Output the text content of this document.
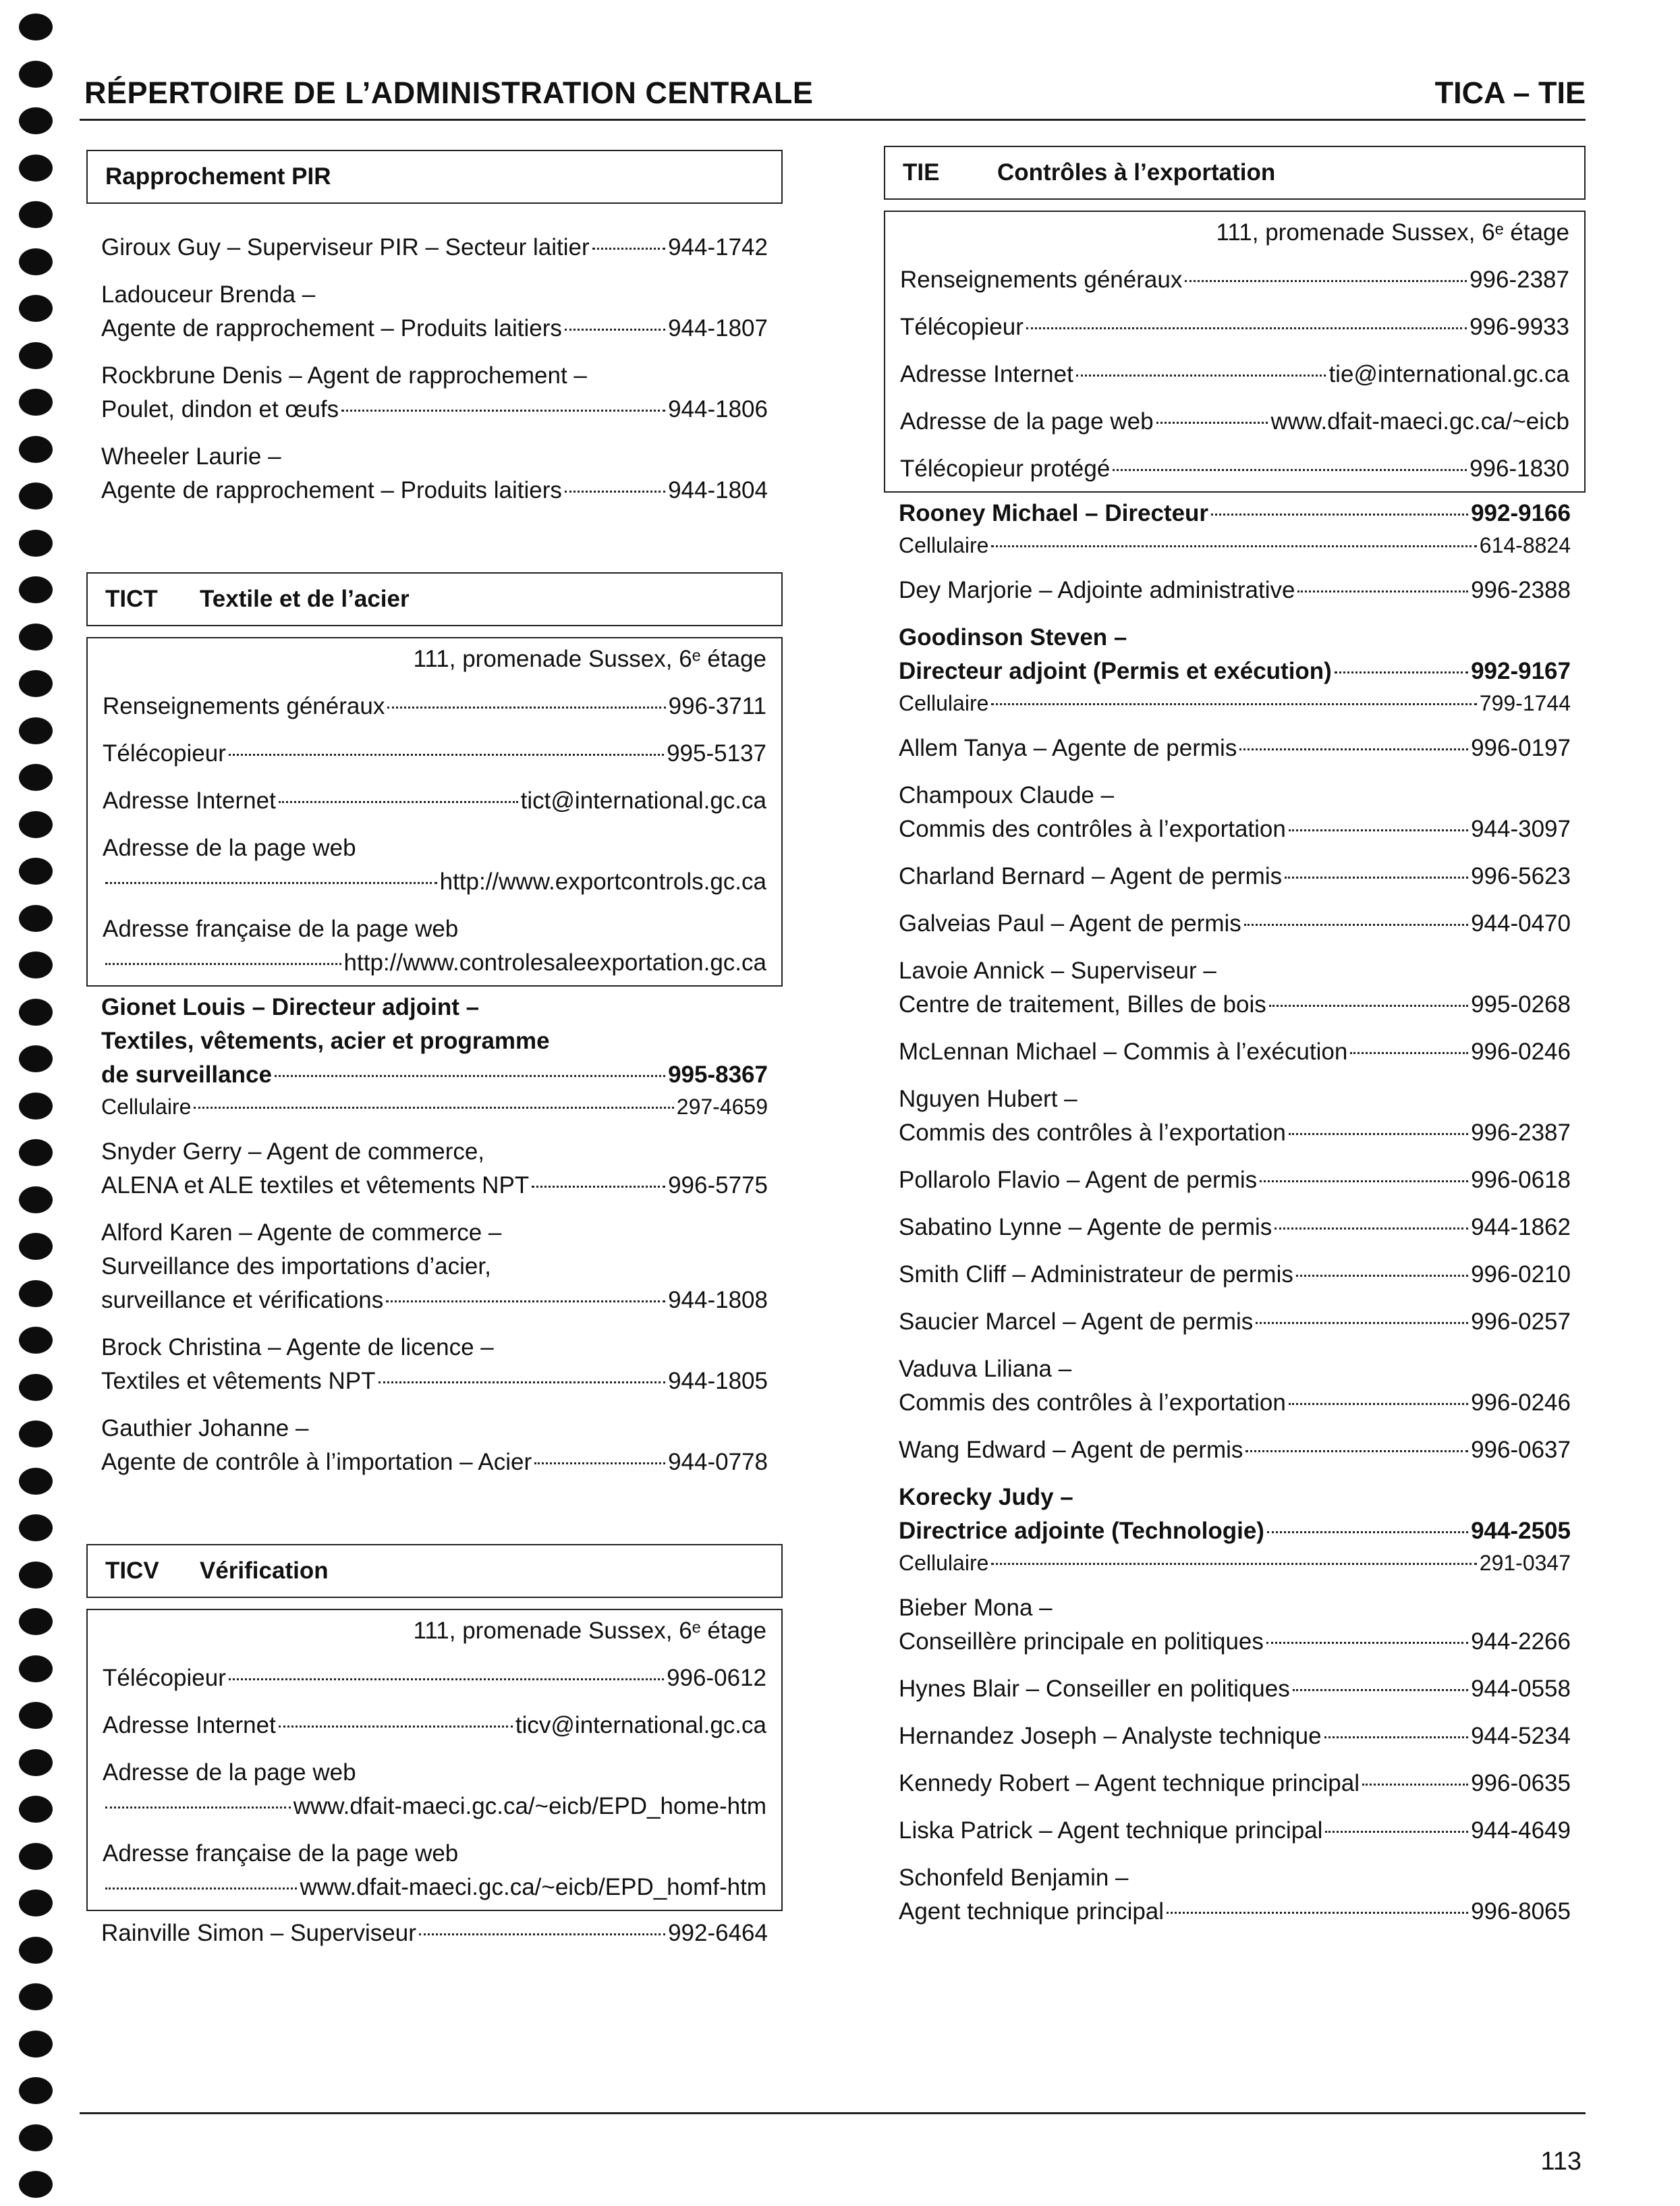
RÉPERTOIRE DE L’ADMINISTRATION CENTRALE	TICA – TIE
Rapprochement PIR
Giroux Guy – Superviseur PIR – Secteur laitier	944-1742
Ladouceur Brenda –
Agente de rapprochement – Produits laitiers	944-1807
Rockbrune Denis – Agent de rapprochement –
Poulet, dindon et œufs	944-1806
Wheeler Laurie –
Agente de rapprochement – Produits laitiers	944-1804
TICT	Textile et de l’acier
111, promenade Sussex, 6ᵉ étage
Renseignements généraux	996-3711
Télécopieur	995-5137
Adresse Internet	tict@international.gc.ca
Adresse de la page web
http://www.exportcontrols.gc.ca
Adresse française de la page web
http://www.controlesaleexportation.gc.ca
Gionet Louis – Directeur adjoint –
Textiles, vêtements, acier et programme
de surveillance	995-8367
Cellulaire	297-4659
Snyder Gerry – Agent de commerce,
ALENA et ALE textiles et vêtements NPT	996-5775
Alford Karen – Agente de commerce –
Surveillance des importations d’acier,
surveillance et vérifications	944-1808
Brock Christina – Agente de licence –
Textiles et vêtements NPT	944-1805
Gauthier Johanne –
Agente de contrôle à l’importation – Acier	944-0778
TICV	Vérification
111, promenade Sussex, 6ᵉ étage
Télécopieur	996-0612
Adresse Internet	ticv@international.gc.ca
Adresse de la page web
www.dfait-maeci.gc.ca/~eicb/EPD_home-htm
Adresse française de la page web
www.dfait-maeci.gc.ca/~eicb/EPD_homf-htm
Rainville Simon – Superviseur	992-6464
TIE	Contrôles à l’exportation
111, promenade Sussex, 6ᵉ étage
Renseignements généraux	996-2387
Télécopieur	996-9933
Adresse Internet	tie@international.gc.ca
Adresse de la page web	www.dfait-maeci.gc.ca/~eicb
Télécopieur protégé	996-1830
Rooney Michael – Directeur	992-9166
Cellulaire	614-8824
Dey Marjorie – Adjointe administrative	996-2388
Goodinson Steven –
Directeur adjoint (Permis et exécution)	992-9167
Cellulaire	799-1744
Allem Tanya – Agente de permis	996-0197
Champoux Claude –
Commis des contrôles à l’exportation	944-3097
Charland Bernard – Agent de permis	996-5623
Galveias Paul – Agent de permis	944-0470
Lavoie Annick – Superviseur –
Centre de traitement, Billes de bois	995-0268
McLennan Michael – Commis à l’exécution	996-0246
Nguyen Hubert –
Commis des contrôles à l’exportation	996-2387
Pollarolo Flavio – Agent de permis	996-0618
Sabatino Lynne – Agente de permis	944-1862
Smith Cliff – Administrateur de permis	996-0210
Saucier Marcel – Agent de permis	996-0257
Vaduva Liliana –
Commis des contrôles à l’exportation	996-0246
Wang Edward – Agent de permis	996-0637
Korecky Judy –
Directrice adjointe (Technologie)	944-2505
Cellulaire	291-0347
Bieber Mona –
Conseillère principale en politiques	944-2266
Hynes Blair – Conseiller en politiques	944-0558
Hernandez Joseph – Analyste technique	944-5234
Kennedy Robert – Agent technique principal	996-0635
Liska Patrick – Agent technique principal	944-4649
Schonfeld Benjamin –
Agent technique principal	996-8065
113
